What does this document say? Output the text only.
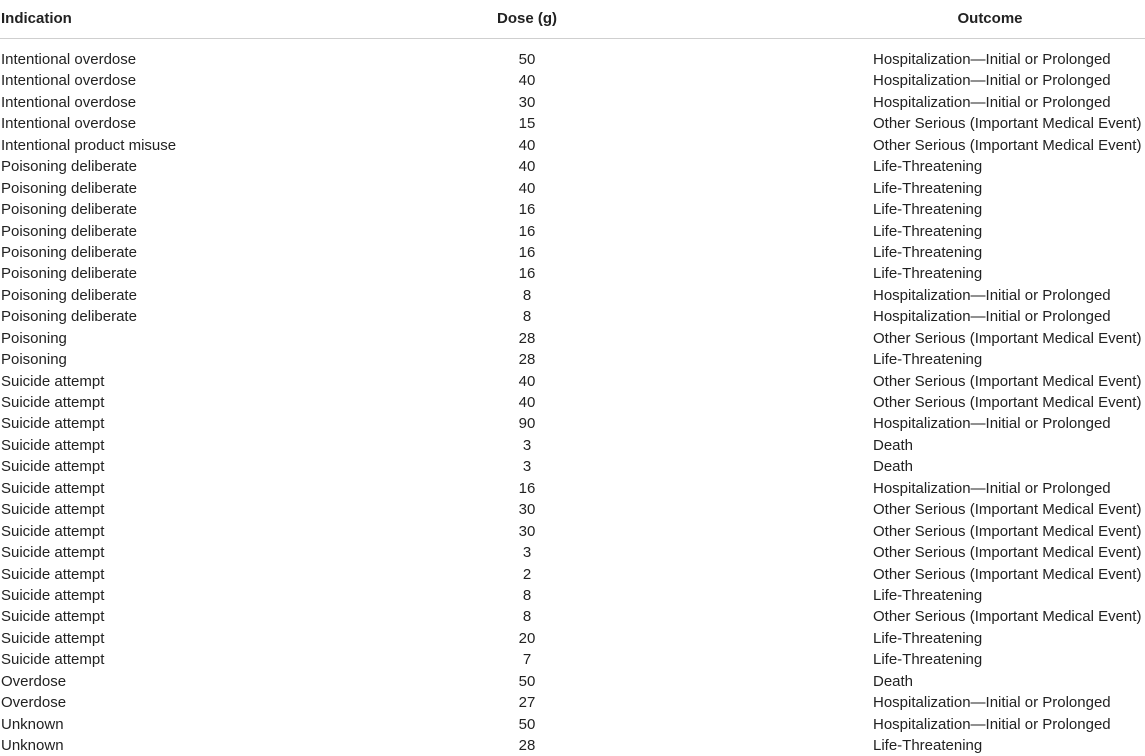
Indication	Dose (g)	Outcome
Intentional overdose	50	Hospitalization—Initial or Prolonged
Intentional overdose	40	Hospitalization—Initial or Prolonged
Intentional overdose	30	Hospitalization—Initial or Prolonged
Intentional overdose	15	Other Serious (Important Medical Event)
Intentional product misuse	40	Other Serious (Important Medical Event)
Poisoning deliberate	40	Life-Threatening
Poisoning deliberate	40	Life-Threatening
Poisoning deliberate	16	Life-Threatening
Poisoning deliberate	16	Life-Threatening
Poisoning deliberate	16	Life-Threatening
Poisoning deliberate	16	Life-Threatening
Poisoning deliberate	8	Hospitalization—Initial or Prolonged
Poisoning deliberate	8	Hospitalization—Initial or Prolonged
Poisoning	28	Other Serious (Important Medical Event)
Poisoning	28	Life-Threatening
Suicide attempt	40	Other Serious (Important Medical Event)
Suicide attempt	40	Other Serious (Important Medical Event)
Suicide attempt	90	Hospitalization—Initial or Prolonged
Suicide attempt	3	Death
Suicide attempt	3	Death
Suicide attempt	16	Hospitalization—Initial or Prolonged
Suicide attempt	30	Other Serious (Important Medical Event)
Suicide attempt	30	Other Serious (Important Medical Event)
Suicide attempt	3	Other Serious (Important Medical Event)
Suicide attempt	2	Other Serious (Important Medical Event)
Suicide attempt	8	Life-Threatening
Suicide attempt	8	Other Serious (Important Medical Event)
Suicide attempt	20	Life-Threatening
Suicide attempt	7	Life-Threatening
Overdose	50	Death
Overdose	27	Hospitalization—Initial or Prolonged
Unknown	50	Hospitalization—Initial or Prolonged
Unknown	28	Life-Threatening
